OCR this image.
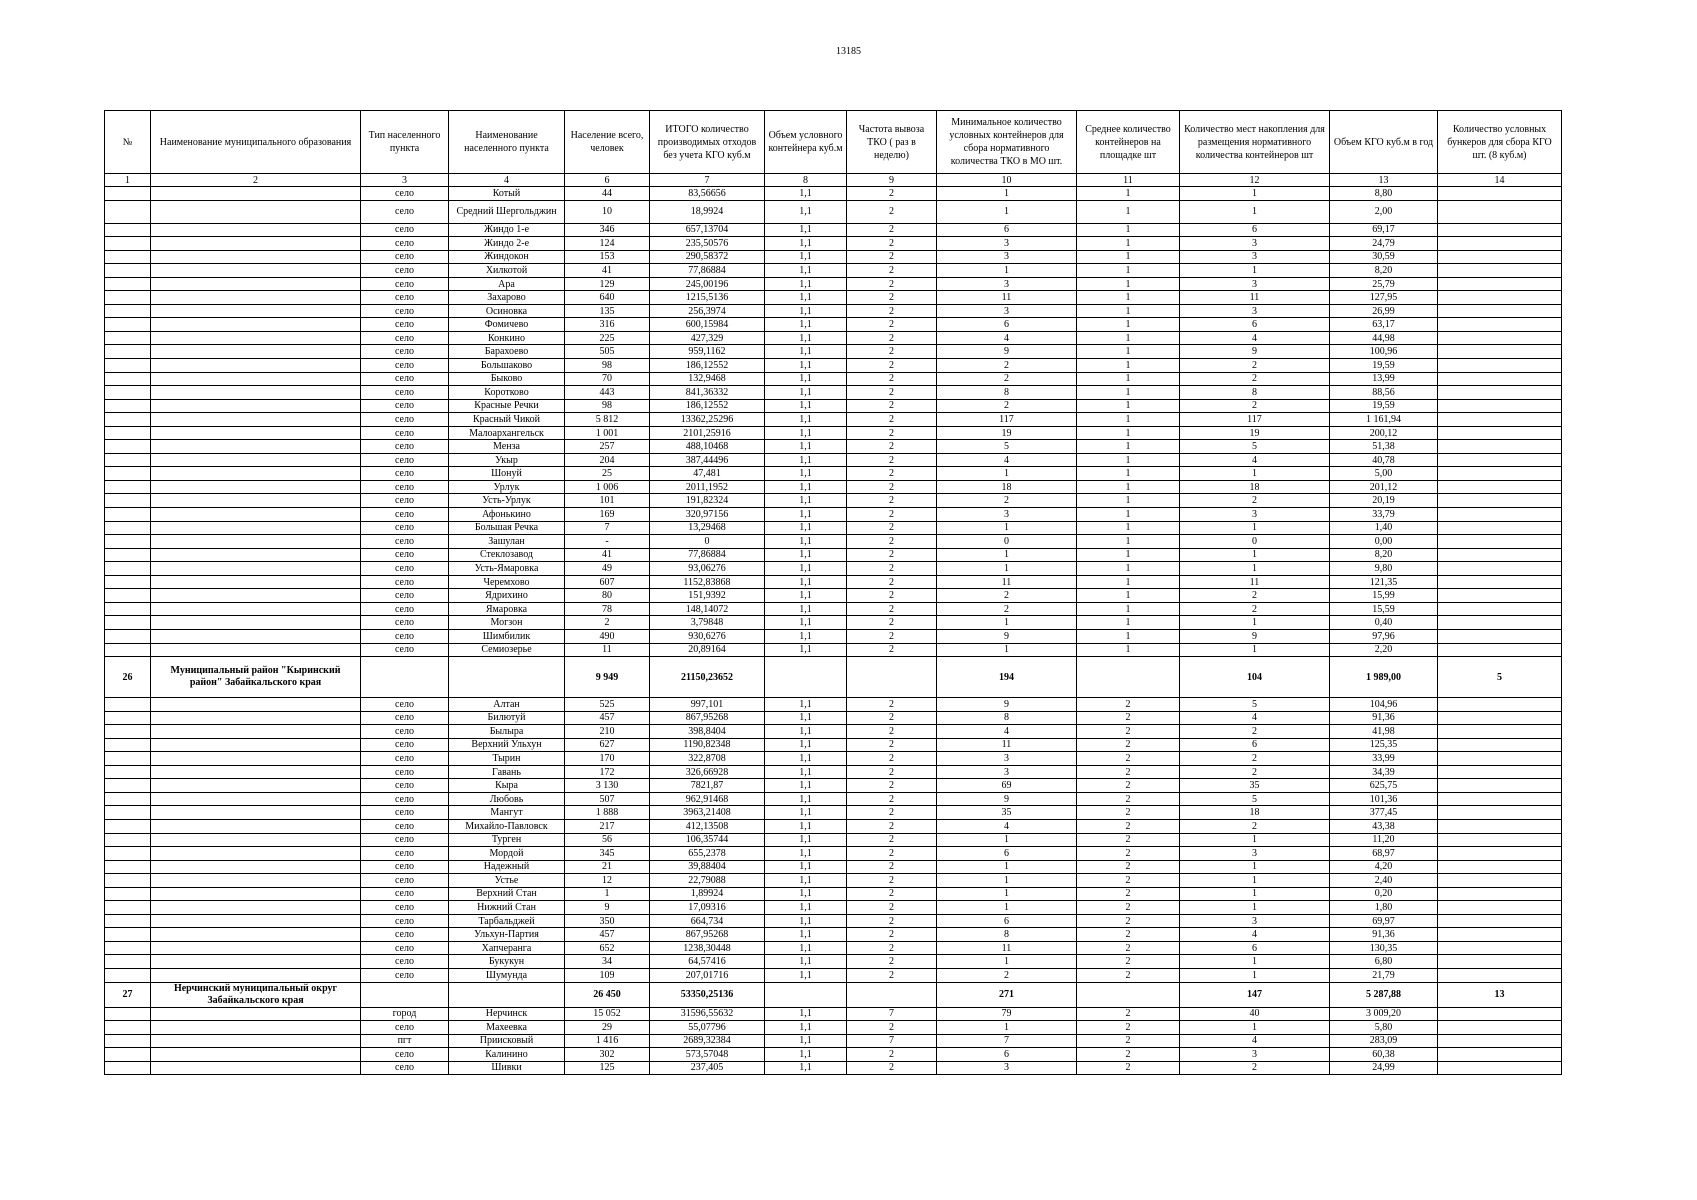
13185
№	Наименование муниципального образования	Тип населенного пункта	Наименование населенного пункта	Население всего, человек	ИТОГО количество производимых отходов без учета КГО куб.м	Объем условного контейнера куб.м	Частота вывоза ТКО ( раз в неделю)	Минимальное количество условных контейнеров для сбора нормативного количества ТКО в МО шт.	Среднее количество контейнеров на площадке шт	Количество мест накопления для размещения нормативного количества контейнеров шт	Объем КГО куб.м в год	Количество условных бункеров для сбора КГО шт. (8 куб.м)
1	2	3	4	6	7	8	9	10	11	12	13	14
		село	Котый	44	83,56656	1,1	2	1	1	1	8,80	
		село	Средний Шергольджин	10	18,9924	1,1	2	1	1	1	2,00	
		село	Жиндо 1-е	346	657,13704	1,1	2	6	1	6	69,17	
		село	Жиндо 2-е	124	235,50576	1,1	2	3	1	3	24,79	
		село	Жиндокон	153	290,58372	1,1	2	3	1	3	30,59	
		село	Хилкотой	41	77,86884	1,1	2	1	1	1	8,20	
		село	Ара	129	245,00196	1,1	2	3	1	3	25,79	
		село	Захарово	640	1215,5136	1,1	2	11	1	11	127,95	
		село	Осиновка	135	256,3974	1,1	2	3	1	3	26,99	
		село	Фомичево	316	600,15984	1,1	2	6	1	6	63,17	
		село	Конкино	225	427,329	1,1	2	4	1	4	44,98	
		село	Барахоево	505	959,1162	1,1	2	9	1	9	100,96	
		село	Большаково	98	186,12552	1,1	2	2	1	2	19,59	
		село	Быково	70	132,9468	1,1	2	2	1	2	13,99	
		село	Коротково	443	841,36332	1,1	2	8	1	8	88,56	
		село	Красные Речки	98	186,12552	1,1	2	2	1	2	19,59	
		село	Красный Чикой	5 812	13362,25296	1,1	2	117	1	117	1 161,94	
		село	Малоархангельск	1 001	2101,25916	1,1	2	19	1	19	200,12	
		село	Менза	257	488,10468	1,1	2	5	1	5	51,38	
		село	Укыр	204	387,44496	1,1	2	4	1	4	40,78	
		село	Шонуй	25	47,481	1,1	2	1	1	1	5,00	
		село	Урлук	1 006	2011,1952	1,1	2	18	1	18	201,12	
		село	Усть-Урлук	101	191,82324	1,1	2	2	1	2	20,19	
		село	Афонькино	169	320,97156	1,1	2	3	1	3	33,79	
		село	Большая Речка	7	13,29468	1,1	2	1	1	1	1,40	
		село	Зашулан	-	0	1,1	2	0	1	0	0,00	
		село	Стеклозавод	41	77,86884	1,1	2	1	1	1	8,20	
		село	Усть-Ямаровка	49	93,06276	1,1	2	1	1	1	9,80	
		село	Черемхово	607	1152,83868	1,1	2	11	1	11	121,35	
		село	Ядрихино	80	151,9392	1,1	2	2	1	2	15,99	
		село	Ямаровка	78	148,14072	1,1	2	2	1	2	15,59	
		село	Могзон	2	3,79848	1,1	2	1	1	1	0,40	
		село	Шимбилик	490	930,6276	1,1	2	9	1	9	97,96	
		село	Семиозерье	11	20,89164	1,1	2	1	1	1	2,20	
26	Муниципальный район "Кыринский район" Забайкальского края			9 949	21150,23652			194		104	1 989,00	5
		село	Алтан	525	997,101	1,1	2	9	2	5	104,96	
		село	Билютуй	457	867,95268	1,1	2	8	2	4	91,36	
		село	Былыра	210	398,8404	1,1	2	4	2	2	41,98	
		село	Верхний Ульхун	627	1190,82348	1,1	2	11	2	6	125,35	
		село	Тырин	170	322,8708	1,1	2	3	2	2	33,99	
		село	Гавань	172	326,66928	1,1	2	3	2	2	34,39	
		село	Кыра	3 130	7821,87	1,1	2	69	2	35	625,75	
		село	Любовь	507	962,91468	1,1	2	9	2	5	101,36	
		село	Мангут	1 888	3963,21408	1,1	2	35	2	18	377,45	
		село	Михайло-Павловск	217	412,13508	1,1	2	4	2	2	43,38	
		село	Турген	56	106,35744	1,1	2	1	2	1	11,20	
		село	Мордой	345	655,2378	1,1	2	6	2	3	68,97	
		село	Надежный	21	39,88404	1,1	2	1	2	1	4,20	
		село	Устье	12	22,79088	1,1	2	1	2	1	2,40	
		село	Верхний Стан	1	1,89924	1,1	2	1	2	1	0,20	
		село	Нижний Стан	9	17,09316	1,1	2	1	2	1	1,80	
		село	Тарбальджей	350	664,734	1,1	2	6	2	3	69,97	
		село	Ульхун-Партия	457	867,95268	1,1	2	8	2	4	91,36	
		село	Хапчеранга	652	1238,30448	1,1	2	11	2	6	130,35	
		село	Букукун	34	64,57416	1,1	2	1	2	1	6,80	
		село	Шумунда	109	207,01716	1,1	2	2	2	1	21,79	
27	Нерчинский муниципальный округ Забайкальского края			26 450	53350,25136			271		147	5 287,88	13
		город	Нерчинск	15 052	31596,55632	1,1	7	79	2	40	3 009,20	
		село	Махеевка	29	55,07796	1,1	2	1	2	1	5,80	
		пгт	Приисковый	1 416	2689,32384	1,1	7	7	2	4	283,09	
		село	Калинино	302	573,57048	1,1	2	6	2	3	60,38	
		село	Шивки	125	237,405	1,1	2	3	2	2	24,99	
